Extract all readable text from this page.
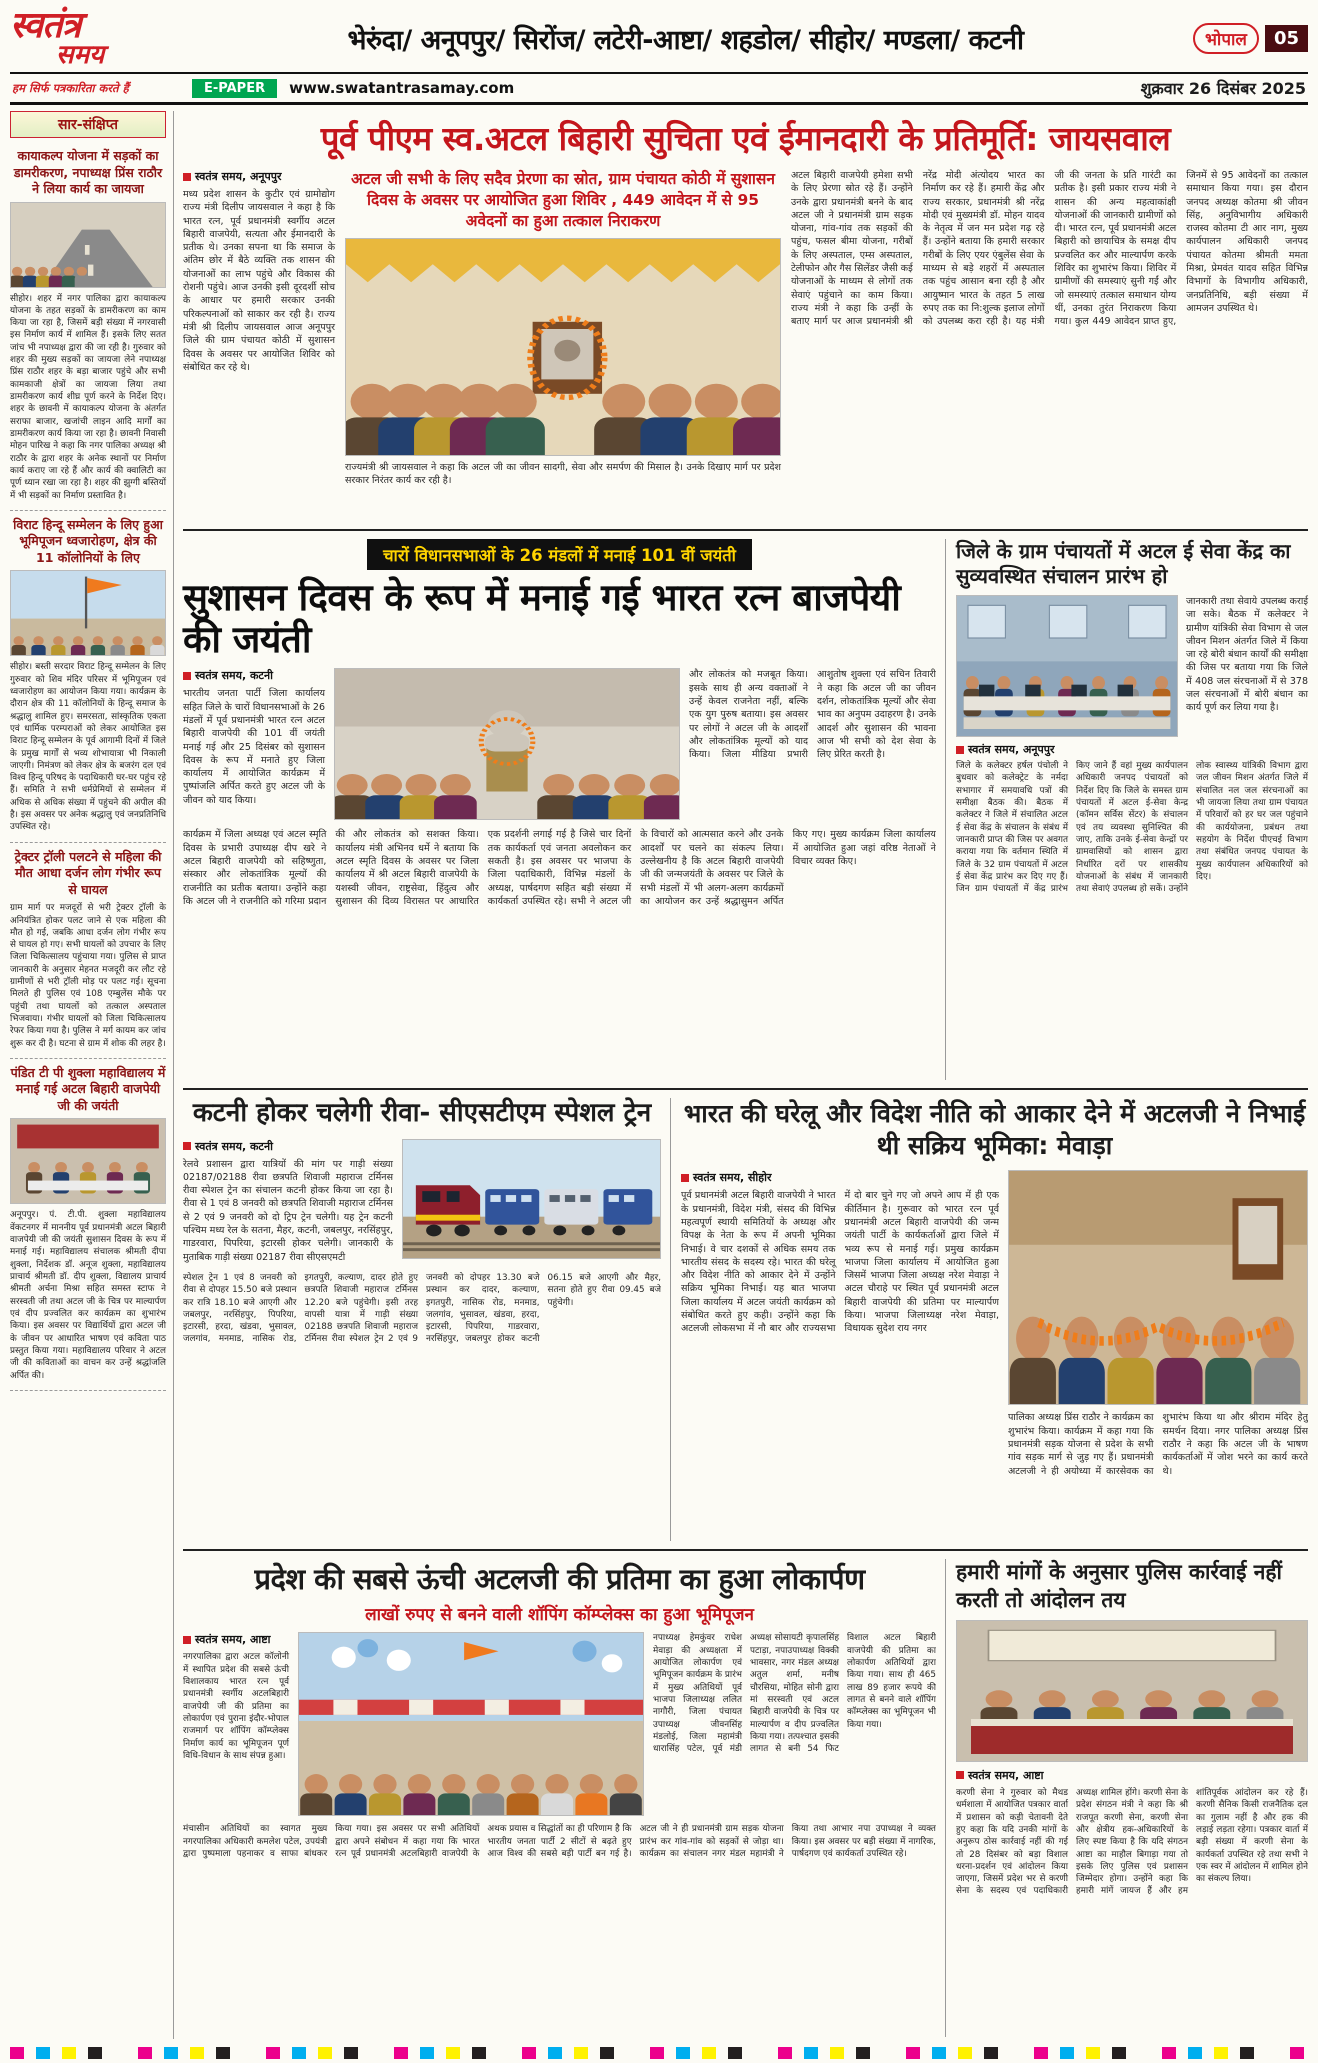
स्वतंत्र
समय	भेरुंदा/ अनूपपुर/ सिरोंज/ लटेरी-आष्टा/ शहडोल/ सीहोर/ मण्डला/ कटनी	भोपाल	05
हम सिर्फ पत्रकारिता करते हैं	E-PAPER	www.swatantrasamay.com	शुक्रवार 26 दिसंबर 2025
सार-संक्षिप्त
कायाकल्प योजना में सड़कों का डामरीकरण, नपाध्यक्ष प्रिंस राठौर ने लिया कार्य का जायजा

सीहोर। शहर में नगर पालिका द्वारा कायाकल्प योजना के तहत सड़कों के डामरीकरण का काम किया जा रहा है, जिसमें बड़ी संख्या में नगरवासी इस निर्माण कार्य में शामिल हैं। इसके लिए सतत जांच भी नपाध्यक्ष द्वारा की जा रही है। गुरुवार को शहर की मुख्य सड़कों का जायजा लेने नपाध्यक्ष प्रिंस राठौर शहर के बड़ा बाजार पहुंचे और सभी कामकाजी क्षेत्रों का जायजा लिया तथा डामरीकरण कार्य शीघ्र पूर्ण करने के निर्देश दिए। शहर के छावनी में कायाकल्प योजना के अंतर्गत सराफा बाजार, खजांची लाइन आदि मार्गों का डामरीकरण कार्य किया जा रहा है। छावनी निवासी मोहन पारिख ने कहा कि नगर पालिका अध्यक्ष श्री राठौर के द्वारा शहर के अनेक स्थानों पर निर्माण कार्य कराए जा रहे हैं और कार्य की क्वालिटी का पूर्ण ध्यान रखा जा रहा है। शहर की झुग्गी बस्तियों में भी सड़कों का निर्माण प्रस्तावित है।

विराट हिन्दू सम्मेलन के लिए हुआ भूमिपूजन ध्वजारोहण, क्षेत्र की 11 कॉलोनियों के लिए

सीहोर। बस्ती सरदार विराट हिन्दू सम्मेलन के लिए गुरुवार को शिव मंदिर परिसर में भूमिपूजन एवं ध्वजारोहण का आयोजन किया गया। कार्यक्रम के दौरान क्षेत्र की 11 कॉलोनियों के हिन्दू समाज के श्रद्धालु शामिल हुए। समरसता, सांस्कृतिक एकता एवं धार्मिक परम्पराओं को लेकर आयोजित इस विराट हिन्दू सम्मेलन के पूर्व आगामी दिनों में जिले के प्रमुख मार्गों से भव्य शोभायात्रा भी निकाली जाएगी। निमंत्रण को लेकर क्षेत्र के बजरंग दल एवं विश्व हिन्दू परिषद के पदाधिकारी घर-घर पहुंच रहे हैं। समिति ने सभी धर्मप्रेमियों से सम्मेलन में अधिक से अधिक संख्या में पहुंचने की अपील की है। इस अवसर पर अनेक श्रद्धालु एवं जनप्रतिनिधि उपस्थित रहे।

ट्रेक्टर ट्रॉली पलटने से महिला की मौत आधा दर्जन लोग गंभीर रूप से घायल

ग्राम मार्ग पर मजदूरों से भरी ट्रेक्टर ट्रॉली के अनियंत्रित होकर पलट जाने से एक महिला की मौत हो गई, जबकि आधा दर्जन लोग गंभीर रूप से घायल हो गए। सभी घायलों को उपचार के लिए जिला चिकित्सालय पहुंचाया गया। पुलिस से प्राप्त जानकारी के अनुसार मेहनत मजदूरी कर लौट रहे ग्रामीणों से भरी ट्रॉली मोड़ पर पलट गई। सूचना मिलते ही पुलिस एवं 108 एम्बुलेंस मौके पर पहुंची तथा घायलों को तत्काल अस्पताल भिजवाया। गंभीर घायलों को जिला चिकित्सालय रेफर किया गया है। पुलिस ने मर्ग कायम कर जांच शुरू कर दी है। घटना से ग्राम में शोक की लहर है।

पंडित टी पी शुक्ला महाविद्यालय में मनाई गई अटल बिहारी वाजपेयी जी की जयंती

अनूपपुर। पं. टी.पी. शुक्ला महाविद्यालय वेंकटनगर में माननीय पूर्व प्रधानमंत्री अटल बिहारी वाजपेयी जी की जयंती सुशासन दिवस के रूप में मनाई गई। महाविद्यालय संचालक श्रीमती दीपा शुक्ला, निर्देशक डॉ. अनूज शुक्ला, महाविद्यालय प्राचार्य श्रीमती डॉ. दीप शुक्ला, विद्यालय प्राचार्य श्रीमती अर्चना मिश्रा सहित समस्त स्टाफ ने सरस्वती जी तथा अटल जी के चित्र पर माल्यार्पण एवं दीप प्रज्वलित कर कार्यक्रम का शुभारंभ किया। इस अवसर पर विद्यार्थियों द्वारा अटल जी के जीवन पर आधारित भाषण एवं कविता पाठ प्रस्तुत किया गया। महाविद्यालय परिवार ने अटल जी की कविताओं का वाचन कर उन्हें श्रद्धांजलि अर्पित की।

पूर्व पीएम स्व.अटल बिहारी सुचिता एवं ईमानदारी के प्रतिमूर्ति: जायसवाल
स्वतंत्र समय, अनूपपुर

मध्य प्रदेश शासन के कुटीर एवं ग्रामोद्योग राज्य मंत्री दिलीप जायसवाल ने कहा है कि भारत रत्न, पूर्व प्रधानमंत्री स्वर्गीय अटल बिहारी वाजपेयी, सत्यता और ईमानदारी के प्रतीक थे। उनका सपना था कि समाज के अंतिम छोर में बैठे व्यक्ति तक शासन की योजनाओं का लाभ पहुंचे और विकास की रोशनी पहुंचे। आज उनकी इसी दूरदर्शी सोच के आधार पर हमारी सरकार उनकी परिकल्पनाओं को साकार कर रही है। राज्य मंत्री श्री दिलीप जायसवाल आज अनूपपुर जिले की ग्राम पंचायत कोठी में सुशासन दिवस के अवसर पर आयोजित शिविर को संबोधित कर रहे थे।

अटल जी सभी के लिए सदैव प्रेरणा का स्रोत, ग्राम पंचायत कोठी में सुशासन दिवस के अवसर पर आयोजित हुआ शिविर , 449 आवेदन में से 95 अवेदनों का हुआ तत्काल निराकरण

राज्यमंत्री श्री जायसवाल ने कहा कि अटल जी का जीवन सादगी, सेवा और समर्पण की मिसाल है। उनके दिखाए मार्ग पर प्रदेश सरकार निरंतर कार्य कर रही है।

अटल बिहारी वाजपेयी हमेशा सभी के लिए प्रेरणा स्रोत रहे हैं। उन्होंने उनके द्वारा प्रधानमंत्री बनने के बाद अटल जी ने प्रधानमंत्री ग्राम सड़क योजना, गांव-गांव तक सड़कों की पहुंच, फसल बीमा योजना, गरीबों के लिए अस्पताल, एम्स अस्पताल, टेलीफोन और गैस सिलेंडर जैसी कई योजनाओं के माध्यम से लोगों तक सेवाएं पहुंचाने का काम किया। राज्य मंत्री ने कहा कि उन्हीं के बताए मार्ग पर आज प्रधानमंत्री श्री नरेंद्र मोदी अंत्योदय भारत का निर्माण कर रहे हैं। हमारी केंद्र और राज्य सरकार, प्रधानमंत्री श्री नरेंद्र मोदी एवं मुख्यमंत्री डॉ. मोहन यादव के नेतृत्व में जन मन प्रदेश गढ़ रहे हैं। उन्होंने बताया कि हमारी सरकार गरीबों के लिए एयर एंबुलेंस सेवा के माध्यम से बड़े शहरों में अस्पताल तक पहुंच आसान बना रही है और आयुष्मान भारत के तहत 5 लाख रुपए तक का नि:शुल्क इलाज लोगों को उपलब्ध करा रही है। यह मंत्री जी की जनता के प्रति गारंटी का प्रतीक है। इसी प्रकार राज्य मंत्री ने शासन की अन्य महत्वाकांक्षी योजनाओं की जानकारी ग्रामीणों को दी। भारत रत्न, पूर्व प्रधानमंत्री अटल बिहारी को छायाचित्र के समक्ष दीप प्रज्वलित कर और माल्यार्पण करके शिविर का शुभारंभ किया। शिविर में ग्रामीणों की समस्याएं सुनी गईं और जो समस्याएं तत्काल समाधान योग्य थीं, उनका तुरंत निराकरण किया गया। कुल 449 आवेदन प्राप्त हुए, जिनमें से 95 आवेदनों का तत्काल समाधान किया गया। इस दौरान जनपद अध्यक्ष कोतमा श्री जीवन सिंह, अनुविभागीय अधिकारी राजस्व कोतमा टी आर नाग, मुख्य कार्यपालन अधिकारी जनपद पंचायत कोतमा श्रीमती ममता मिश्रा, प्रेमवंत यादव सहित विभिन्न विभागों के विभागीय अधिकारी, जनप्रतिनिधि, बड़ी संख्या में आमजन उपस्थित थे।
चारों विधानसभाओं के 26 मंडलों में मनाई 101 वीं जयंती
सुशासन दिवस के रूप में मनाई गई भारत रत्न बाजपेयी की जयंती
स्वतंत्र समय, कटनी

भारतीय जनता पार्टी जिला कार्यालय सहित जिले के चारों विधानसभाओं के 26 मंडलों में पूर्व प्रधानमंत्री भारत रत्न अटल बिहारी वाजपेयी की 101 वीं जयंती मनाई गई और 25 दिसंबर को सुशासन दिवस के रूप में मनाते हुए जिला कार्यालय में आयोजित कार्यक्रम में पुष्पांजलि अर्पित करते हुए अटल जी के जीवन को याद किया।

और लोकतंत्र को मजबूत किया। इसके साथ ही अन्य वक्ताओं ने उन्हें केवल राजनेता नहीं, बल्कि एक युग पुरुष बताया। इस अवसर पर लोगों ने अटल जी के आदर्शों और लोकतांत्रिक मूल्यों को याद किया। जिला मीडिया प्रभारी आशुतोष शुक्ला एवं सचिन तिवारी ने कहा कि अटल जी का जीवन दर्शन, लोकतांत्रिक मूल्यों और सेवा भाव का अनुपम उदाहरण है। उनके आदर्श और सुशासन की भावना आज भी सभी को देश सेवा के लिए प्रेरित करती है।
कार्यक्रम में जिला अध्यक्ष एवं अटल स्मृति दिवस के प्रभारी उपाध्यक्ष दीप खरे ने अटल बिहारी वाजपेयी को सहिष्णुता, संस्कार और लोकतांत्रिक मूल्यों की राजनीति का प्रतीक बताया। उन्होंने कहा कि अटल जी ने राजनीति को गरिमा प्रदान की और लोकतंत्र को सशक्त किया। कार्यालय मंत्री अभिनव धर्मे ने बताया कि अटल स्मृति दिवस के अवसर पर जिला कार्यालय में श्री अटल बिहारी वाजपेयी के यशस्वी जीवन, राष्ट्रसेवा, हिंदुत्व और सुशासन की दिव्य विरासत पर आधारित एक प्रदर्शनी लगाई गई है जिसे चार दिनों तक कार्यकर्ता एवं जनता अवलोकन कर सकती है। इस अवसर पर भाजपा के जिला पदाधिकारी, विभिन्न मंडलों के अध्यक्ष, पार्षदगण सहित बड़ी संख्या में कार्यकर्ता उपस्थित रहे। सभी ने अटल जी के विचारों को आत्मसात करने और उनके आदर्शों पर चलने का संकल्प लिया। उल्लेखनीय है कि अटल बिहारी वाजपेयी जी की जन्मजयंती के अवसर पर जिले के सभी मंडलों में भी अलग-अलग कार्यक्रमों का आयोजन कर उन्हें श्रद्धासुमन अर्पित किए गए। मुख्य कार्यक्रम जिला कार्यालय में आयोजित हुआ जहां वरिष्ठ नेताओं ने विचार व्यक्त किए।
जिले के ग्राम पंचायतों में अटल ई सेवा केंद्र का सुव्यवस्थित संचालन प्रारंभ हो

जानकारी तथा सेवाये उपलब्ध कराई जा सके। बैठक में कलेक्टर ने ग्रामीण यांत्रिकी सेवा विभाग से जल जीवन मिशन अंतर्गत जिले में किया जा रहे बोरी बंधान कार्यों की समीक्षा की जिस पर बताया गया कि जिले में 408 जल संरचनाओं में से 378 जल संरचनाओं में बोरी बंधान का कार्य पूर्ण कर लिया गया है।

स्वतंत्र समय, अनूपपुर
जिले के कलेक्टर हर्षल पंचोली ने बुधवार को कलेक्ट्रेट के नर्मदा सभागार में समयावधि पत्रों की समीक्षा बैठक की। बैठक में कलेक्टर ने जिले में संचालित अटल ई सेवा केंद्र के संचालन के संबंध में जानकारी प्राप्त की जिस पर अवगत कराया गया कि वर्तमान स्थिति में जिले के 32 ग्राम पंचायतों में अटल ई सेवा केंद्र प्रारंभ कर दिए गए हैं। जिन ग्राम पंचायतों में केंद्र प्रारंभ किए जाने हैं वहां मुख्य कार्यपालन अधिकारी जनपद पंचायतों को निर्देश दिए कि जिले के समस्त ग्राम पंचायतों में अटल ई-सेवा केन्द्र (कॉमन सर्विस सेंटर) के संचालन एवं तय व्यवस्था सुनिश्चित की जाए, ताकि उनके ई-सेवा केन्द्रों पर ग्रामवासियों को शासन द्वारा निर्धारित दरों पर शासकीय योजनाओं के संबंध में जानकारी तथा सेवाएं उपलब्ध हो सकें। उन्होंने लोक स्वास्थ्य यांत्रिकी विभाग द्वारा जल जीवन मिशन अंतर्गत जिले में संचालित नल जल संरचनाओं का भी जायजा लिया तथा ग्राम पंचायत में परिवारों को हर घर जल पहुंचाने की कार्ययोजना, प्रबंधन तथा सहयोग के निर्देश पीएचई विभाग तथा संबंधित जनपद पंचायत के मुख्य कार्यपालन अधिकारियों को दिए।
कटनी होकर चलेगी रीवा- सीएसटीएम स्पेशल ट्रेन
स्वतंत्र समय, कटनी

रेलवे प्रशासन द्वारा यात्रियों की मांग पर गाड़ी संख्या 02187/02188 रीवा छत्रपति शिवाजी महाराज टर्मिनस रीवा स्पेशल ट्रेन का संचालन कटनी होकर किया जा रहा है। रीवा से 1 एवं 8 जनवरी को छत्रपति शिवाजी महाराज टर्मिनस से 2 एवं 9 जनवरी को दो ट्रिप ट्रेन चलेगी। यह ट्रेन कटनी पश्चिम मध्य रेल के सतना, मैहर, कटनी, जबलपुर, नरसिंहपुर, गाडरवारा, पिपरिया, इटारसी होकर चलेगी। जानकारी के मुताबिक गाड़ी संख्या 02187 रीवा सीएसएमटी

स्पेशल ट्रेन 1 एवं 8 जनवरी को रीवा से दोपहर 15.50 बजे प्रस्थान कर रात्रि 18.10 बजे आएगी और जबलपुर, नरसिंहपुर, पिपरिया, इटारसी, हरदा, खंडवा, भुसावल, जलगांव, मनमाड, नासिक रोड, इगतपुरी, कल्याण, दादर होते हुए छत्रपति शिवाजी महाराज टर्मिनस 12.20 बजे पहुंचेगी। इसी तरह वापसी यात्रा में गाड़ी संख्या 02188 छत्रपति शिवाजी महाराज टर्मिनस रीवा स्पेशल ट्रेन 2 एवं 9 जनवरी को दोपहर 13.30 बजे प्रस्थान कर दादर, कल्याण, इगतपुरी, नासिक रोड, मनमाड, जलगांव, भुसावल, खंडवा, हरदा, इटारसी, पिपरिया, गाडरवारा, नरसिंहपुर, जबलपुर होकर कटनी 06.15 बजे आएगी और मैहर, सतना होते हुए रीवा 09.45 बजे पहुंचेगी।
भारत की घरेलू और विदेश नीति को आकार देने में अटलजी ने निभाई थी सक्रिय भूमिका: मेवाड़ा
स्वतंत्र समय, सीहोर
पूर्व प्रधानमंत्री अटल बिहारी वाजपेयी ने भारत के प्रधानमंत्री, विदेश मंत्री, संसद की विभिन्न महत्वपूर्ण स्थायी समितियों के अध्यक्ष और विपक्ष के नेता के रूप में अपनी भूमिका निभाई। वे चार दशकों से अधिक समय तक भारतीय संसद के सदस्य रहे। भारत की घरेलू और विदेश नीति को आकार देने में उन्होंने सक्रिय भूमिका निभाई। यह बात भाजपा जिला कार्यालय में अटल जयंती कार्यक्रम को संबोधित करते हुए कही। उन्होंने कहा कि अटलजी लोकसभा में नौ बार और राज्यसभा में दो बार चुने गए जो अपने आप में ही एक कीर्तिमान है। गुरूवार को भारत रत्न पूर्व प्रधानमंत्री अटल बिहारी वाजपेयी की जन्म जयंती पार्टी के कार्यकर्ताओं द्वारा जिले में भव्य रूप से मनाई गई। प्रमुख कार्यक्रम भाजपा जिला कार्यालय में आयोजित हुआ जिसमें भाजपा जिला अध्यक्ष नरेश मेवाड़ा ने अटल चौराहे पर स्थित पूर्व प्रधानमंत्री अटल बिहारी वाजपेयी की प्रतिमा पर माल्यार्पण किया। भाजपा जिलाध्यक्ष नरेश मेवाड़ा, विधायक सुदेश राय नगर
पालिका अध्यक्ष प्रिंस राठौर ने कार्यक्रम का शुभारंभ किया। कार्यक्रम में कहा गया कि प्रधानमंत्री सड़क योजना से प्रदेश के सभी गांव सड़क मार्ग से जुड़ गए हैं। प्रधानमंत्री अटलजी ने ही अयोध्या में कारसेवक का शुभारंभ किया था और श्रीराम मंदिर हेतु समर्थन दिया। नगर पालिका अध्यक्ष प्रिंस राठौर ने कहा कि अटल जी के भाषण कार्यकर्ताओं में जोश भरने का कार्य करते थे।
प्रदेश की सबसे ऊंची अटलजी की प्रतिमा का हुआ लोकार्पण
लाखों रुपए से बनने वाली शॉपिंग कॉम्प्लेक्स का हुआ भूमिपूजन
स्वतंत्र समय, आष्टा

नगरपालिका द्वारा अटल कॉलोनी में स्थापित प्रदेश की सबसे ऊंची विशालकाय भारत रत्न पूर्व प्रधानमंत्री स्वर्गीय अटलबिहारी वाजपेयी जी की प्रतिमा का लोकार्पण एवं पुराना इंदौर-भोपाल राजमार्ग पर शॉपिंग कॉम्प्लेक्स निर्माण कार्य का भूमिपूजन पूर्ण विधि-विधान के साथ संपन्न हुआ।

नपाध्यक्ष हेमकुंवर राधेश मेवाड़ा की अध्यक्षता में आयोजित लोकार्पण एवं भूमिपूजन कार्यक्रम के प्रारंभ में मुख्य अतिथियों पूर्व भाजपा जिलाध्यक्ष ललित नागौरी, जिला पंचायत उपाध्यक्ष जीवनसिंह मंडलोई, जिला महामंत्री धारासिंह पटेल, पूर्व मंडी अध्यक्ष सोसायटी कृपालसिंह पटाड़ा, नपाउपाध्यक्ष विक्की भावसार, नगर मंडल अध्यक्ष अतुल शर्मा, मनीष चौरसिया, मोहित सोनी द्वारा मां सरस्वती एवं अटल बिहारी वाजपेयी के चित्र पर माल्यार्पण व दीप प्रज्वलित किया गया। तत्पश्चात इसकी लागत से बनी 54 फिट विशाल अटल बिहारी वाजपेयी की प्रतिमा का लोकार्पण अतिथियों द्वारा किया गया। साथ ही 465 लाख 89 हजार रूपये की लागत से बनने वाले शॉपिंग कॉम्प्लेक्स का भूमिपूजन भी किया गया।
मंचासीन अतिथियों का स्वागत मुख्य नगरपालिका अधिकारी कमलेश पटेल, उपयंत्री द्वारा पुष्पमाला पहनाकर व साफा बांधकर किया गया। इस अवसर पर सभी अतिथियों द्वारा अपने संबोधन में कहा गया कि भारत रत्न पूर्व प्रधानमंत्री अटलबिहारी वाजपेयी के अथक प्रयास व सिद्धांतों का ही परिणाम है कि भारतीय जनता पार्टी 2 सीटों से बढ़ते हुए आज विश्व की सबसे बड़ी पार्टी बन गई है। अटल जी ने ही प्रधानमंत्री ग्राम सड़क योजना प्रारंभ कर गांव-गांव को सड़कों से जोड़ा था। कार्यक्रम का संचालन नगर मंडल महामंत्री ने किया तथा आभार नपा उपाध्यक्ष ने व्यक्त किया। इस अवसर पर बड़ी संख्या में नागरिक, पार्षदगण एवं कार्यकर्ता उपस्थित रहे।
हमारी मांगों के अनुसार पुलिस कार्रवाई नहीं करती तो आंदोलन तय
स्वतंत्र समय, आष्टा
करणी सेना ने गुरुवार को मैथड धर्मशाला में आयोजित पत्रकार वार्ता में प्रशासन को कड़ी चेतावनी देते हुए कहा कि यदि उनकी मांगों के अनुरूप ठोस कार्रवाई नहीं की गई तो 28 दिसंबर को बड़ा विशाल धरना-प्रदर्शन एवं आंदोलन किया जाएगा, जिसमें प्रदेश भर से करणी सेना के सदस्य एवं पदाधिकारी अध्यक्ष शामिल होंगे। करणी सेना के प्रदेश संगठन मंत्री ने कहा कि श्री राजपूत करणी सेना, करणी सेना और क्षेत्रीय हक-अधिकारियों के लिए स्पष्ट किया है कि यदि संगठन आष्टा का माहौल बिगाड़ा गया तो इसके लिए पुलिस एवं प्रशासन जिम्मेदार होगा। उन्होंने कहा कि हमारी मांगें जायज हैं और हम शांतिपूर्वक आंदोलन कर रहे हैं। करणी सैनिक किसी राजनैतिक दल का गुलाम नहीं है और हक की लड़ाई लड़ता रहेगा। पत्रकार वार्ता में बड़ी संख्या में करणी सेना के कार्यकर्ता उपस्थित रहे तथा सभी ने एक स्वर में आंदोलन में शामिल होने का संकल्प लिया।
